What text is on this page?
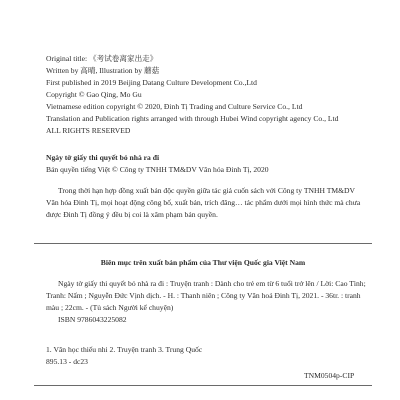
Original title: 《考试卷离家出走》
Written by 高晴, Illustration by 蘑菇
First published in 2019 Beijing Datang Culture Development Co.,Ltd
Copyright © Gao Qing, Mo Gu
Vietnamese edition copyright © 2020, Đinh Tị Trading and Culture Service Co., Ltd
Translation and Publication rights arranged with through Hubei Wind copyright agency Co., Ltd
ALL RIGHTS RESERVED
Ngày tờ giấy thi quyết bỏ nhà ra đi
Bản quyền tiếng Việt © Công ty TNHH TM&DV Văn hóa Đinh Tị, 2020
Trong thời hạn hợp đồng xuất bản độc quyền giữa tác giả cuốn sách với Công ty TNHH TM&DV
Văn hóa Đinh Tị, mọi hoạt động công bố, xuất bản, trích đăng… tác phẩm dưới mọi hình thức mà chưa
được Đinh Tị đồng ý đều bị coi là xâm phạm bản quyền.
Biên mục trên xuất bản phẩm của Thư viện Quốc gia Việt Nam
Ngày tờ giấy thi quyết bỏ nhà ra đi : Truyện tranh : Dành cho trẻ em từ 6 tuổi trở lên / Lời: Cao Tình;
Tranh: Nấm ; Nguyễn Đức Vịnh dịch. - H. : Thanh niên ; Công ty Văn hoá Đinh Tị, 2021. - 36tr. : tranh
màu ; 22cm. - (Tủ sách Người kể chuyện)
ISBN 9786043225082
1. Văn học thiếu nhi 2. Truyện tranh 3. Trung Quốc
895.13 - dc23
TNM0504p-CIP
